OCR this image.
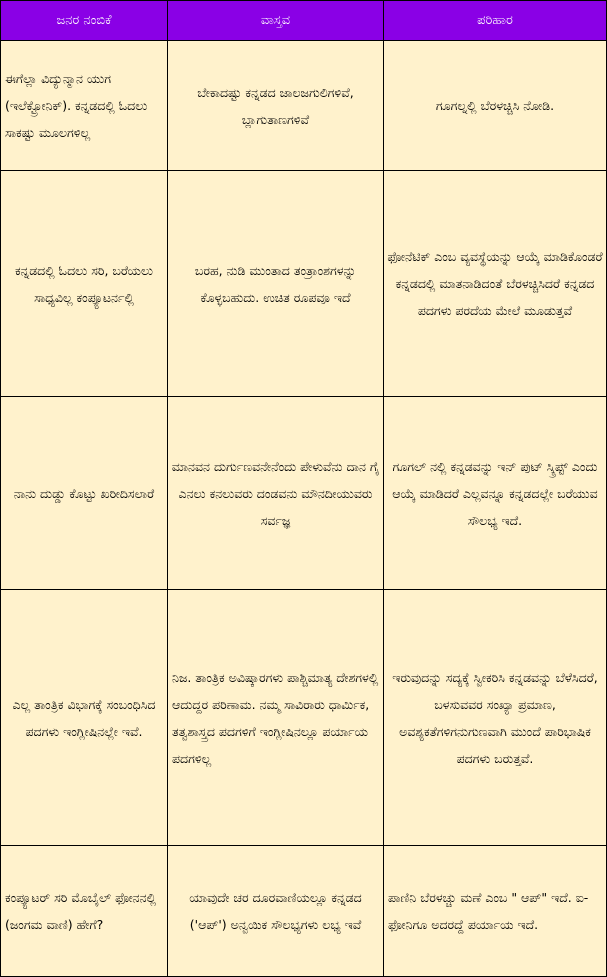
ಜನರ ನಂಬಿಕೆ	ವಾಸ್ತವ	ಪರಿಹಾರ
ಈಗೆಲ್ಲಾ ವಿದ್ಯುನ್ಮಾನ ಯುಗ (ಇಲೆಕ್ಟ್ರೋನಿಕ್). ಕನ್ನಡದಲ್ಲಿ ಓದಲು ಸಾಕಷ್ಟು ಮೂಲಗಳಿಲ್ಲ	ಬೇಕಾದಷ್ಟು ಕನ್ನಡದ ಜಾಲಜಗುಲಿಗಳಿವೆ, ಬ್ಲಾಗುತಾಣಗಳಿವೆ	ಗೂಗಲ್ನಲ್ಲಿ ಬೆರಳಚ್ಚಿಸಿ ನೋಡಿ.
ಕನ್ನಡದಲ್ಲಿ ಓದಲು ಸರಿ, ಬರೆಯಲು ಸಾಧ್ಯವಿಲ್ಲ ಕಂಪ್ಯೂಟರ್ನಲ್ಲಿ	ಬರಹ, ನುಡಿ ಮುಂತಾದ ತಂತ್ರಾಂಶಗಳನ್ನು ಕೊಳ್ಳಬಹುದು. ಉಚಿತ ರೂಪವೂ ಇದೆ	ಫೋನೆಟಿಕ್ ಎಂಬ ವ್ಯವಸ್ಥೆಯನ್ನು ಆಯ್ಕೆ ಮಾಡಿಕೊಂಡರೆ ಕನ್ನಡದಲ್ಲಿ ಮಾತನಾಡಿದಂತೆ ಬೆರಳಚ್ಚಿಸಿದರೆ ಕನ್ನಡದ ಪದಗಳು ಪರದೆಯ ಮೇಲೆ ಮೂಡುತ್ತವೆ
ನಾನು ದುಡ್ಡು ಕೊಟ್ಟು ಖರೀದಿಸಲಾರೆ	ಮಾನವನ ದುರ್ಗುಣವನೇನೆಂದು ಪೇಳುವೆನು ದಾನ ಗೈ ಎನಲು ಕನಲುವರು ದಂಡವನು ಮೌನದೀಯುವರು ಸರ್ವಜ್ಞ	ಗೂಗಲ್ ನಲ್ಲಿ ಕನ್ನಡವನ್ನು ಇನ್ ಪುಟ್ ಸ್ಕ್ರಿಪ್ಟ್ ಎಂದು ಆಯ್ಕೆ ಮಾಡಿದರೆ ಎಲ್ಲವನ್ನೂ ಕನ್ನಡದಲ್ಲೇ ಬರೆಯುವ ಸೌಲಭ್ಯ ಇದೆ.
ಎಲ್ಲ ತಾಂತ್ರಿಕ ವಿಭಾಗಕ್ಕೆ ಸಂಬಂಧಿಸಿದ ಪದಗಳು ಇಂಗ್ಲೀಷಿನಲ್ಲೇ ಇವೆ.	ನಿಜ. ತಾಂತ್ರಿಕ ಅವಿಷ್ಕಾರಗಳು ಪಾಶ್ಚಿಮಾತ್ಯ ದೇಶಗಳಲ್ಲಿ ಆದುದ್ದರ ಪರಿಣಾಮ. ನಮ್ಮ ಸಾವಿರಾರು ಧಾರ್ಮಿಕ, ತತ್ವಶಾಸ್ತ್ರದ ಪದಗಳಿಗೆ ಇಂಗ್ಲೀಷಿನಲ್ಲೂ ಪರ್ಯಾಯ ಪದಗಳಿಲ್ಲ	ಇರುವುದನ್ನು ಸದ್ಯಕ್ಕೆ ಸ್ವೀಕರಿಸಿ ಕನ್ನಡವನ್ನು ಬೆಳೆಸಿದರೆ, ಬಳಸುವವರ ಸಂಖ್ಯಾ ಪ್ರಮಾಣ, ಅವಶ್ಯಕತೆಗಳಿಗನುಗುಣವಾಗಿ ಮುಂದೆ ಪಾರಿಭಾಷಿಕ ಪದಗಳು ಬರುತ್ತವೆ.
ಕಂಪ್ಯೂಟರ್ ಸರಿ ಮೊಬೈಲ್ ಫೋನನಲ್ಲಿ (ಜಂಗಮ ವಾಣಿ) ಹೇಗೆ?	ಯಾವುದೇ ಚರ ದೂರವಾಣಿಯಲ್ಲೂ ಕನ್ನಡದ ('ಆಪ್') ಅನ್ವಯಿಕ ಸೌಲಭ್ಯಗಳು ಲಭ್ಯ ಇವೆ	ಪಾಣಿನಿ ಬೆರಳಚ್ಚು ಮಣೆ ಎಂಬ " ಆಪ್" ಇದೆ. ಐ- ಫೋನಿಗೂ ಅದರದ್ದೆ ಪರ್ಯಾಯ ಇದೆ.
